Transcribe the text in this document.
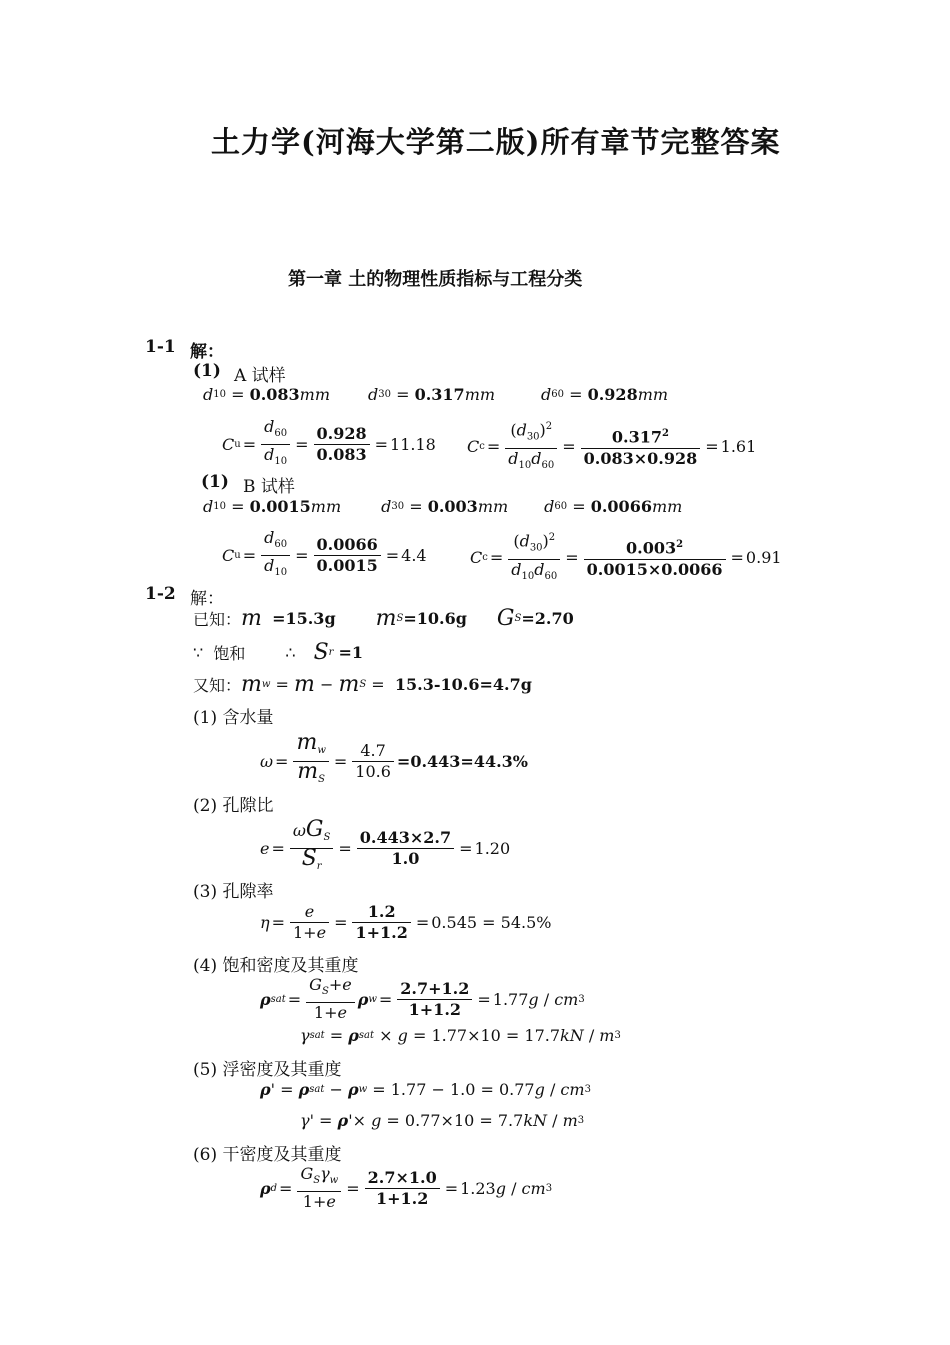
土力学(河海大学第二版)所有章节完整答案
第一章 土的物理性质指标与工程分类
1-1 解：
(1) A 试样
d 10 = 0.083 mm d 30 = 0.317 mm	d 60 = 0.928 mm
C $u = \frac{d_{60}}{d_{10}} = \frac{0.928}{0.083} = 11.18$ C $c = \frac{(d_{30})^2}{d_{10}d_{60}} = \frac{0.317^2}{0.083\times 0.928} = 1.61$
(1) B 试样
d 10 = 0.0015 mm	d 30 = 0.003 mm d 60 = 0.0066 mm
C $u = \frac{d_{60}}{d_{10}} = \frac{0.0066}{0.0015} = 4.4$	C $c = \frac{(d_{30})^2}{d_{10}d_{60}} = \frac{0.003^2}{0.0015\times 0.0066} = 0.91$
1-2 解：
已知： m
=15.3g m S =10.6g G S =2.70
∵
饱和	∴ S r
=1
又知： m w = m − m S = 15.3-10.6=4.7g
(1) 含水量
$\omega = \frac{m_w}{m_S} = \frac{4.7}{10.6} =0.443=44.3\%$
(2) 孔隙比
$e = \frac{\omega G_S}{S_r} = \frac{0.443\times 2.7}{1.0} = 1.20$
(3) 孔隙率
$\eta = \frac{e}{1+e} = \frac{1.2}{1+1.2} = 0.545 = 54.5\%$
(4) 饱和密度及其重度
ρ sat = $\frac{G_S+e}{1+e}$ ρ $w = \frac{2.7+1.2}{1+1.2} = 1.77$ g / cm 3
γ sat = ρ sat × g = 1.77×10 = 17.7 kN / m 3
(5) 浮密度及其重度
ρ ' = ρ sat − ρ w = 1.77 − 1.0 = 0.77 g / cm 3
γ ' = ρ '× g = 0.77×10 = 7.7 kN / m 3
(6) 干密度及其重度
ρ $d = \frac{G_S\gamma_w}{1+e} = \frac{2.7\times 1.0}{1+1.2} = 1.23$ g / cm 3
